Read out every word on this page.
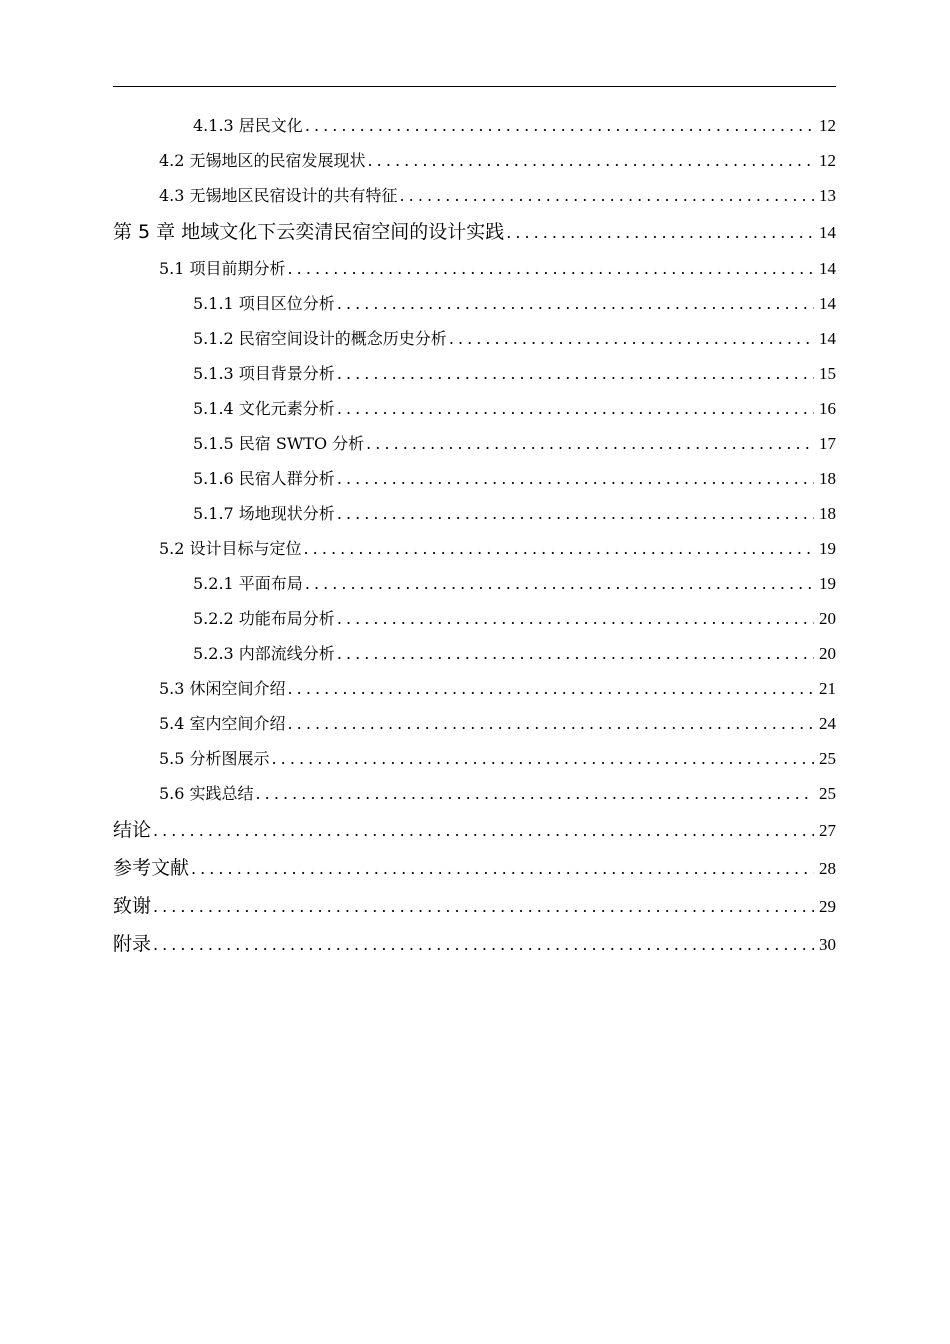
4.1.3 居民文化 .....	12
4.2 无锡地区的民宿发展现状 .....	12
4.3 无锡地区民宿设计的共有特征 .....	13
第 5 章 地域文化下云奕清民宿空间的设计实践 .....	14
5.1 项目前期分析 .....	14
5.1.1 项目区位分析 .....	14
5.1.2 民宿空间设计的概念历史分析 .....	14
5.1.3 项目背景分析 .....	15
5.1.4 文化元素分析 .....	16
5.1.5 民宿 SWTO 分析 .....	17
5.1.6 民宿人群分析 .....	18
5.1.7 场地现状分析 .....	18
5.2 设计目标与定位 .....	19
5.2.1 平面布局 .....	19
5.2.2 功能布局分析 .....	20
5.2.3 内部流线分析 .....	20
5.3 休闲空间介绍 .....	21
5.4 室内空间介绍 .....	24
5.5 分析图展示 .....	25
5.6 实践总结 .....	25
结论 .....	27
参考文献 .....	28
致谢 .....	29
附录 .....	30
